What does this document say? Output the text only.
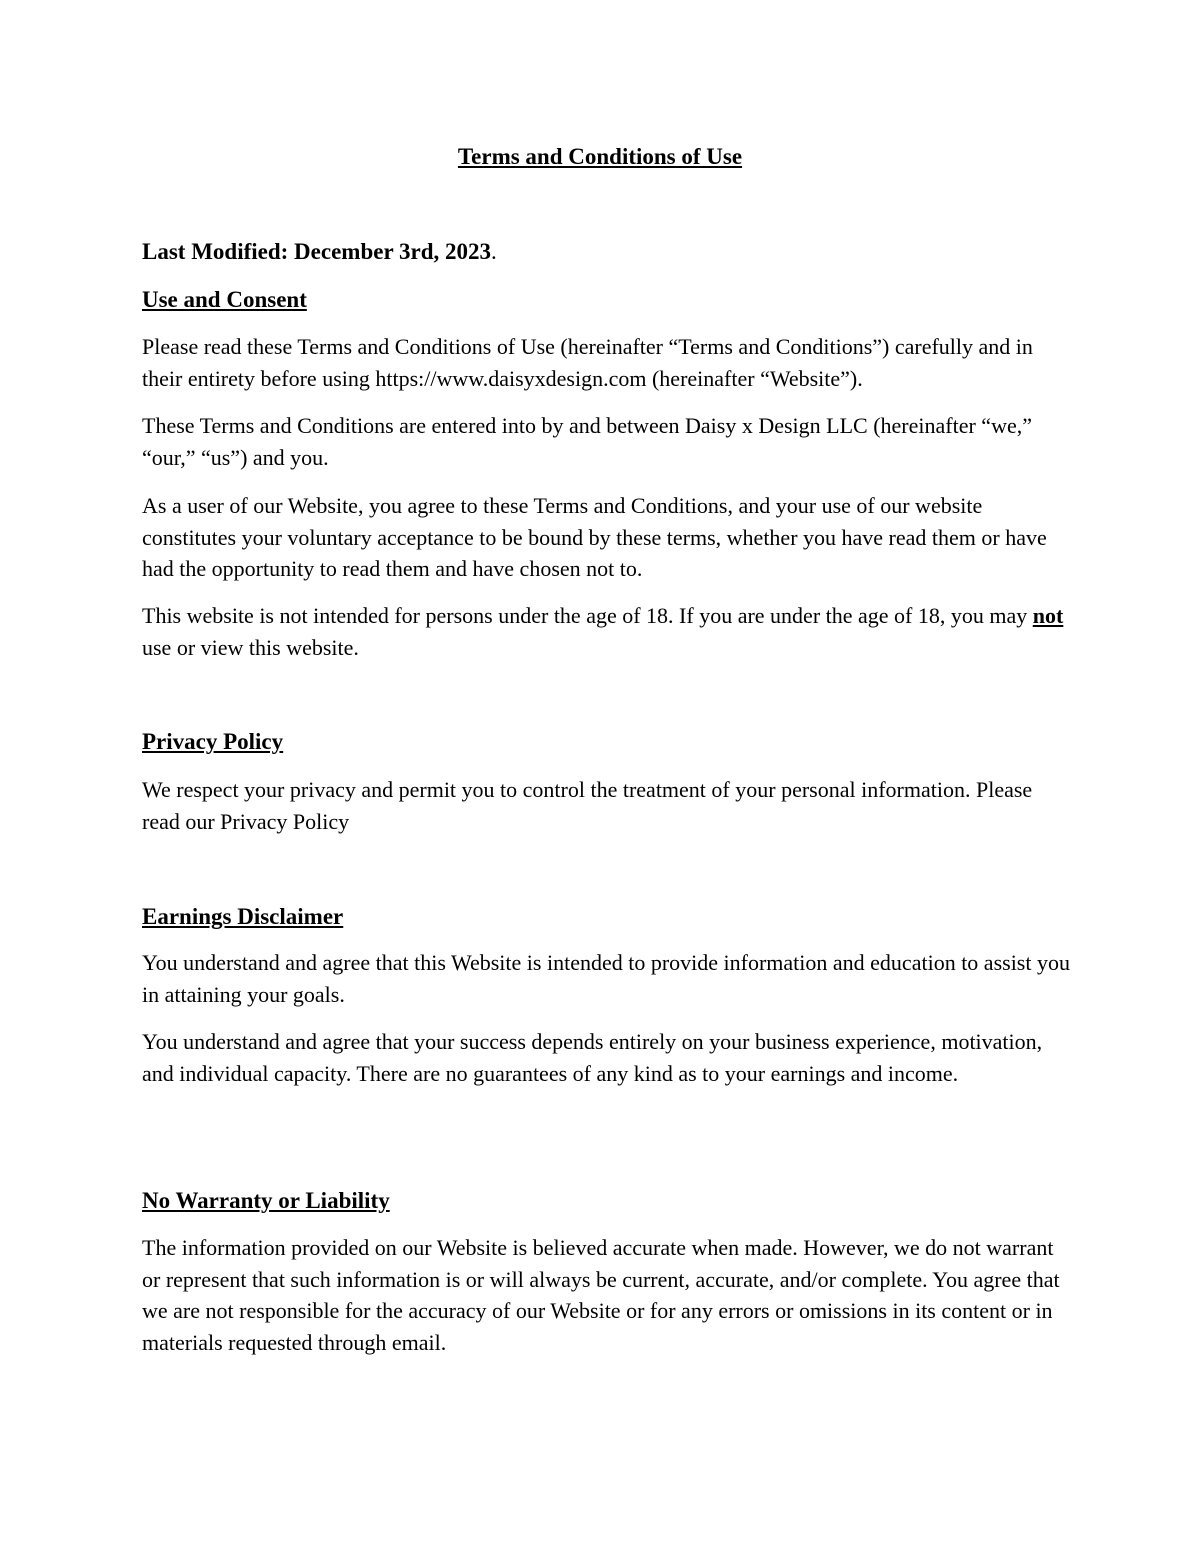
Terms and Conditions of Use

Last Modified: December 3rd, 2023.

Use and Consent

Please read these Terms and Conditions of Use (hereinafter “Terms and Conditions”) carefully and in their entirety before using https://www.daisyxdesign.com (hereinafter “Website”).

These Terms and Conditions are entered into by and between Daisy x Design LLC (hereinafter “we,” “our,” “us”) and you.

As a user of our Website, you agree to these Terms and Conditions, and your use of our website constitutes your voluntary acceptance to be bound by these terms, whether you have read them or have had the opportunity to read them and have chosen not to.

This website is not intended for persons under the age of 18. If you are under the age of 18, you may not use or view this website.

Privacy Policy

We respect your privacy and permit you to control the treatment of your personal information. Please read our Privacy Policy

Earnings Disclaimer

You understand and agree that this Website is intended to provide information and education to assist you in attaining your goals.

You understand and agree that your success depends entirely on your business experience, motivation, and individual capacity. There are no guarantees of any kind as to your earnings and income.

No Warranty or Liability

The information provided on our Website is believed accurate when made. However, we do not warrant or represent that such information is or will always be current, accurate, and/or complete. You agree that we are not responsible for the accuracy of our Website or for any errors or omissions in its content or in materials requested through email.
